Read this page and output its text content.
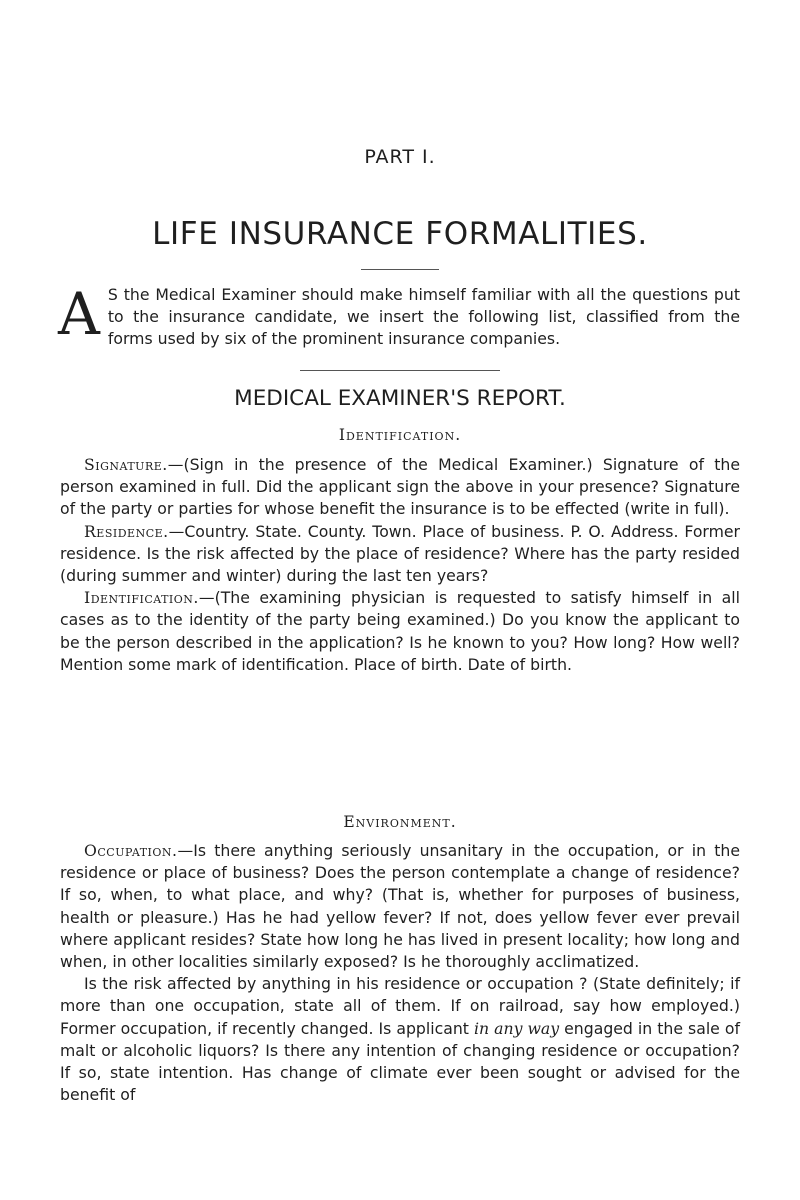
PART I.
LIFE INSURANCE FORMALITIES.
A S the Medical Examiner should make himself familiar with all the questions put to the insurance candidate, we insert the following list, classified from the forms used by six of the prominent insurance companies.
MEDICAL EXAMINER'S REPORT.
Identification.

Signature.—(Sign in the presence of the Medical Examiner.) Signature of the person examined in full. Did the applicant sign the above in your presence? Signature of the party or parties for whose benefit the insurance is to be effected (write in full).

Residence.—Country. State. County. Town. Place of business. P. O. Address. Former residence. Is the risk affected by the place of residence? Where has the party resided (during summer and winter) during the last ten years?

Identification.—(The examining physician is requested to satisfy himself in all cases as to the identity of the party being examined.) Do you know the applicant to be the person described in the application? Is he known to you? How long? How well? Mention some mark of identification. Place of birth. Date of birth.

Environment.

Occupation.—Is there anything seriously unsanitary in the occupation, or in the residence or place of business? Does the person contemplate a change of residence? If so, when, to what place, and why? (That is, whether for purposes of business, health or pleasure.) Has he had yellow fever? If not, does yellow fever ever prevail where applicant resides? State how long he has lived in present locality; how long and when, in other localities similarly exposed? Is he thoroughly acclimatized.

Is the risk affected by anything in his residence or occupation ? (State definitely; if more than one occupation, state all of them. If on railroad, say how employed.) Former occupation, if recently changed. Is applicant in any way engaged in the sale of malt or alcoholic liquors? Is there any intention of changing residence or occupation? If so, state intention. Has change of climate ever been sought or advised for the benefit of
